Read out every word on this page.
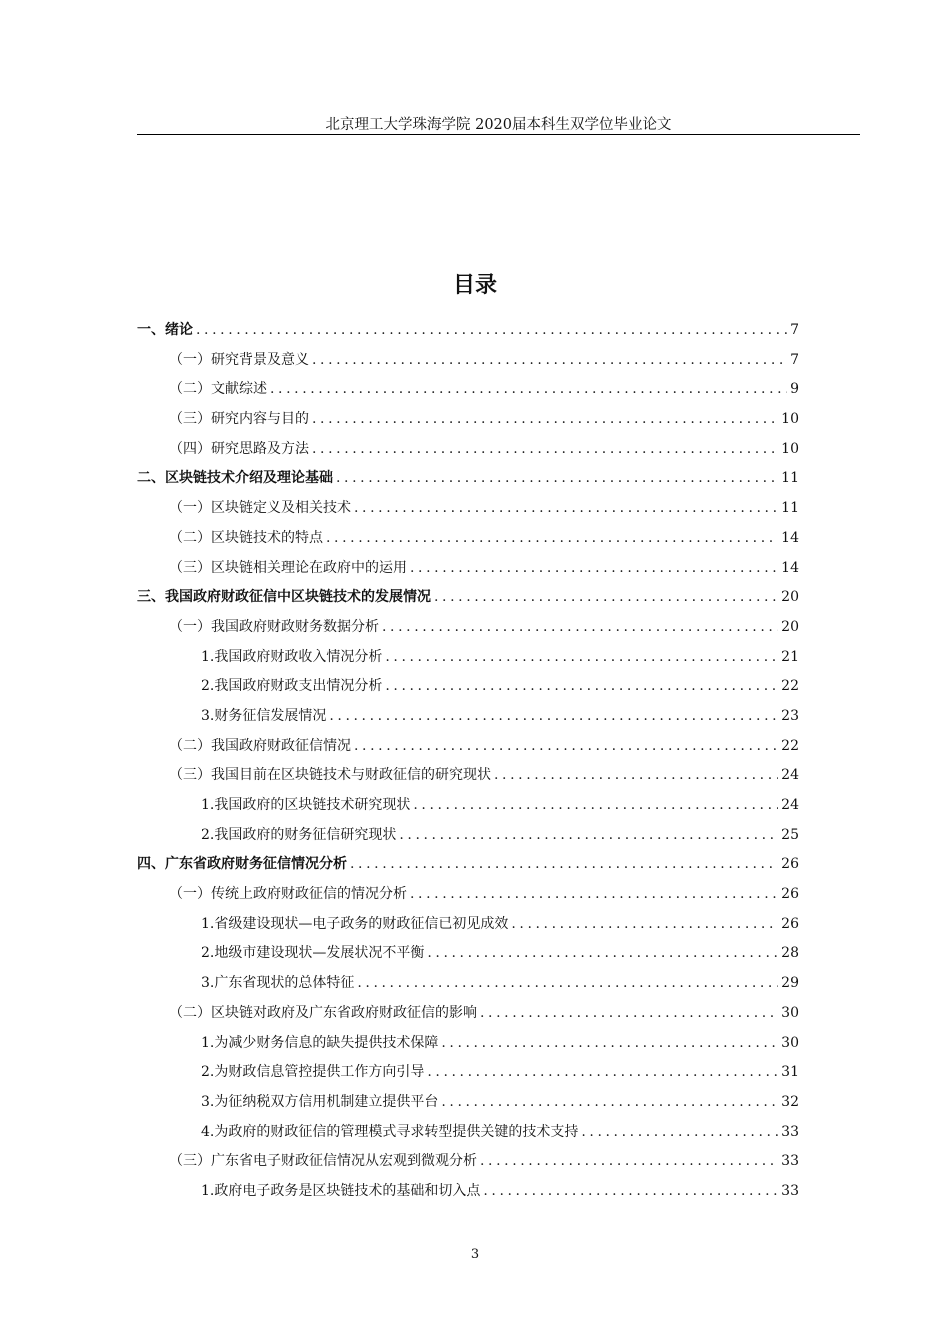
北京理工大学珠海学院 2020届本科生双学位毕业论文
目录
一、绪论 .....	7
（一）研究背景及意义 .....	7
（二）文献综述 .....	9
（三）研究内容与目的 .....	10
（四）研究思路及方法 .....	10
二、区块链技术介绍及理论基础 .....	11
（一）区块链定义及相关技术 .....	11
（二）区块链技术的特点 .....	14
（三）区块链相关理论在政府中的运用 .....	14
三、我国政府财政征信中区块链技术的发展情况 .....	20
（一）我国政府财政财务数据分析 .....	20
1.我国政府财政收入情况分析 .....	21
2.我国政府财政支出情况分析 .....	22
3.财务征信发展情况 .....	23
（二）我国政府财政征信情况 .....	22
（三）我国目前在区块链技术与财政征信的研究现状 .....	24
1.我国政府的区块链技术研究现状 .....	24
2.我国政府的财务征信研究现状 .....	25
四、广东省政府财务征信情况分析 .....	26
（一）传统上政府财政征信的情况分析 .....	26
1.省级建设现状—电子政务的财政征信已初见成效 .....	26
2.地级市建设现状—发展状况不平衡 .....	28
3.广东省现状的总体特征 .....	29
（二）区块链对政府及广东省政府财政征信的影响 .....	30
1.为减少财务信息的缺失提供技术保障 .....	30
2.为财政信息管控提供工作方向引导 .....	31
3.为征纳税双方信用机制建立提供平台 .....	32
4.为政府的财政征信的管理模式寻求转型提供关键的技术支持 .....	33
（三）广东省电子财政征信情况从宏观到微观分析 .....	33
1.政府电子政务是区块链技术的基础和切入点 .....	33
3
